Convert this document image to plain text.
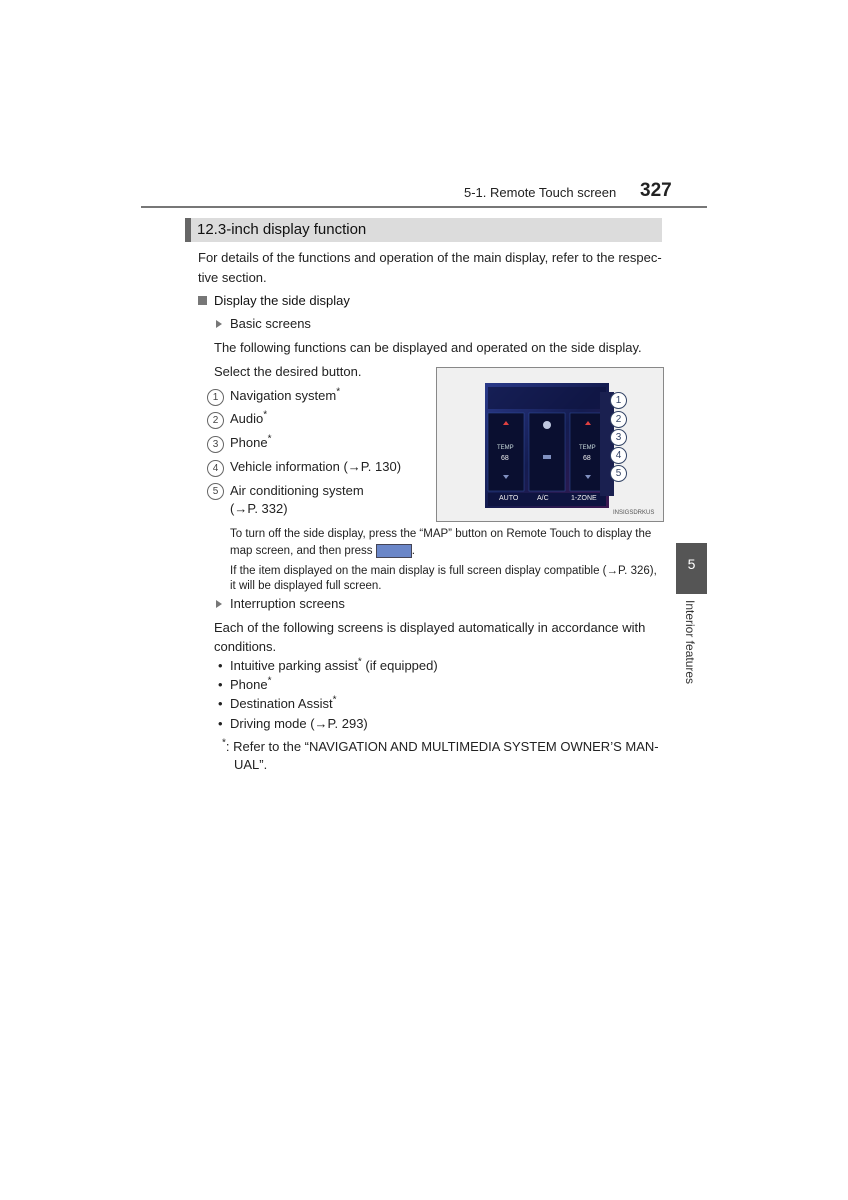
5-1. Remote Touch screen 327
12.3-inch display function
For details of the functions and operation of the main display, refer to the respec-
tive section.
Display the side display
Basic screens
The following functions can be displayed and operated on the side display.
Select the desired button.
1 Navigation system*
2 Audio*
3 Phone*
4 Vehicle information (→P. 130)
5 Air conditioning system
(→P. 332)
TEMP
68
TEMP
68
AUTO	A/C	1-ZONE
1
2
3
4
5
INSIGSDRKUS
To turn off the side display, press the “MAP” button on Remote Touch to display the
map screen, and then press	.
If the item displayed on the main display is full screen display compatible (→P. 326),
it will be displayed full screen.
Interruption screens
Each of the following screens is displayed automatically in accordance with
conditions.
• Intuitive parking assist* (if equipped)
• Phone*
• Destination Assist*
• Driving mode (→P. 293)
*: Refer to the “NAVIGATION AND MULTIMEDIA SYSTEM OWNER’S MAN-
UAL”.
5
Interior features
